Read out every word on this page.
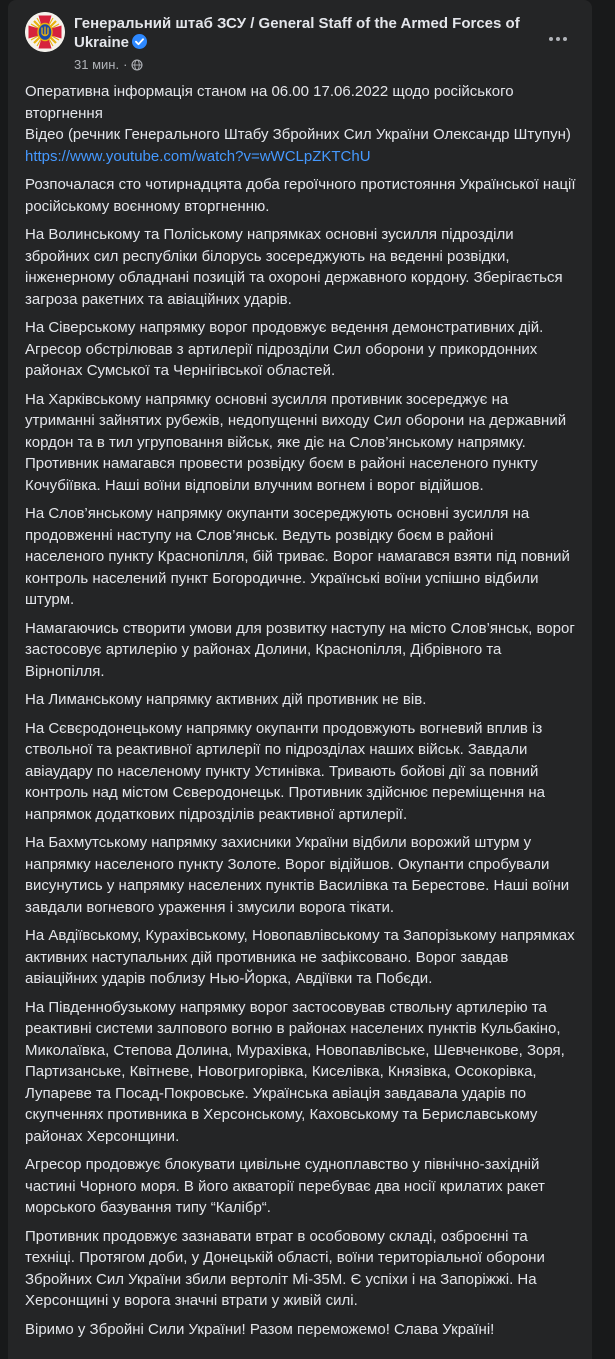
Генеральний штаб ЗСУ / General Staff of the Armed Forces of
Ukraine
31 мин. ·

Оперативна інформація станом на 06.00 17.06.2022 щодо російського вторгнення
Відео (речник Генерального Штабу Збройних Сил України Олександр Штупун)
https://www.youtube.com/watch?v=wWCLpZKTChU

Розпочалася сто чотирнадцята доба героїчного протистояння Української нації російському воєнному вторгненню.

На Волинському та Поліському напрямках основні зусилля підрозділи збройних сил республіки білорусь зосереджують на веденні розвідки, інженерному обладнані позицій та охороні державного кордону. Зберігається загроза ракетних та авіаційних ударів.

На Сіверському напрямку ворог продовжує ведення демонстративних дій. Агресор обстрілював з артилерії підрозділи Сил оборони у прикордонних районах Сумської та Чернігівської областей.

На Харківському напрямку основні зусилля противник зосереджує на утриманні зайнятих рубежів, недопущенні виходу Сил оборони на державний кордон та в тил угруповання військ, яке діє на Слов’янському напрямку. Противник намагався провести розвідку боєм в районі населеного пункту Кочубіївка. Наші воїни відповіли влучним вогнем і ворог відійшов.

На Слов’янському напрямку окупанти зосереджують основні зусилля на продовженні наступу на Слов’янськ. Ведуть розвідку боєм в районі населеного пункту Краснопілля, бій триває. Ворог намагався взяти під повний контроль населений пункт Богородичне. Українські воїни успішно відбили штурм.

Намагаючись створити умови для розвитку наступу на місто Слов’янськ, ворог застосовує артилерію у районах Долини, Краснопілля, Дібрівного та Вірнопілля.

На Лиманському напрямку активних дій противник не вів.

На Сєвєродонецькому напрямку окупанти продовжують вогневий вплив із ствольної та реактивної артилерії по підрозділах наших військ. Завдали авіаудару по населеному пункту Устинівка. Тривають бойові дії за повний контроль над містом Сєверодонецьк. Противник здійснює переміщення на напрямок додаткових підрозділів реактивної артилерії.

На Бахмутському напрямку захисники України відбили ворожий штурм у напрямку населеного пункту Золоте. Ворог відійшов. Окупанти спробували висунутись у напрямку населених пунктів Василівка та Берестове. Наші воїни завдали вогневого ураження і змусили ворога тікати.

На Авдіївському, Курахівському, Новопавлівському та Запорізькому напрямках активних наступальних дій противника не зафіксовано. Ворог завдав авіаційних ударів поблизу Нью-Йорка, Авдіївки та Побєди.

На Південнобузькому напрямку ворог застосовував ствольну артилерію та реактивні системи залпового вогню в районах населених пунктів Кульбакіно, Миколаївка, Степова Долина, Мурахівка, Новопавлівське, Шевченкове, Зоря, Партизанське, Квітневе, Новогригорівка, Киселівка, Князівка, Осокорівка, Лупареве та Посад-Покровське. Українська авіація завдавала ударів по скупченнях противника в Херсонському, Каховському та Бериславському районах Херсонщини.

Агресор продовжує блокувати цивільне судноплавство у північно-західній частині Чорного моря. В його акваторії перебуває два носії крилатих ракет морського базування типу “Калібр“.

Противник продовжує зазнавати втрат в особовому складі, озброєнні та техніці. Протягом доби, у Донецькій області, воїни територіальної оборони Збройних Сил України збили вертоліт Мі-35М. Є успіхи і на Запоріжжі. На Херсонщині у ворога значні втрати у живій силі.

Віримо у Збройні Сили України! Разом переможемо! Слава Україні!
